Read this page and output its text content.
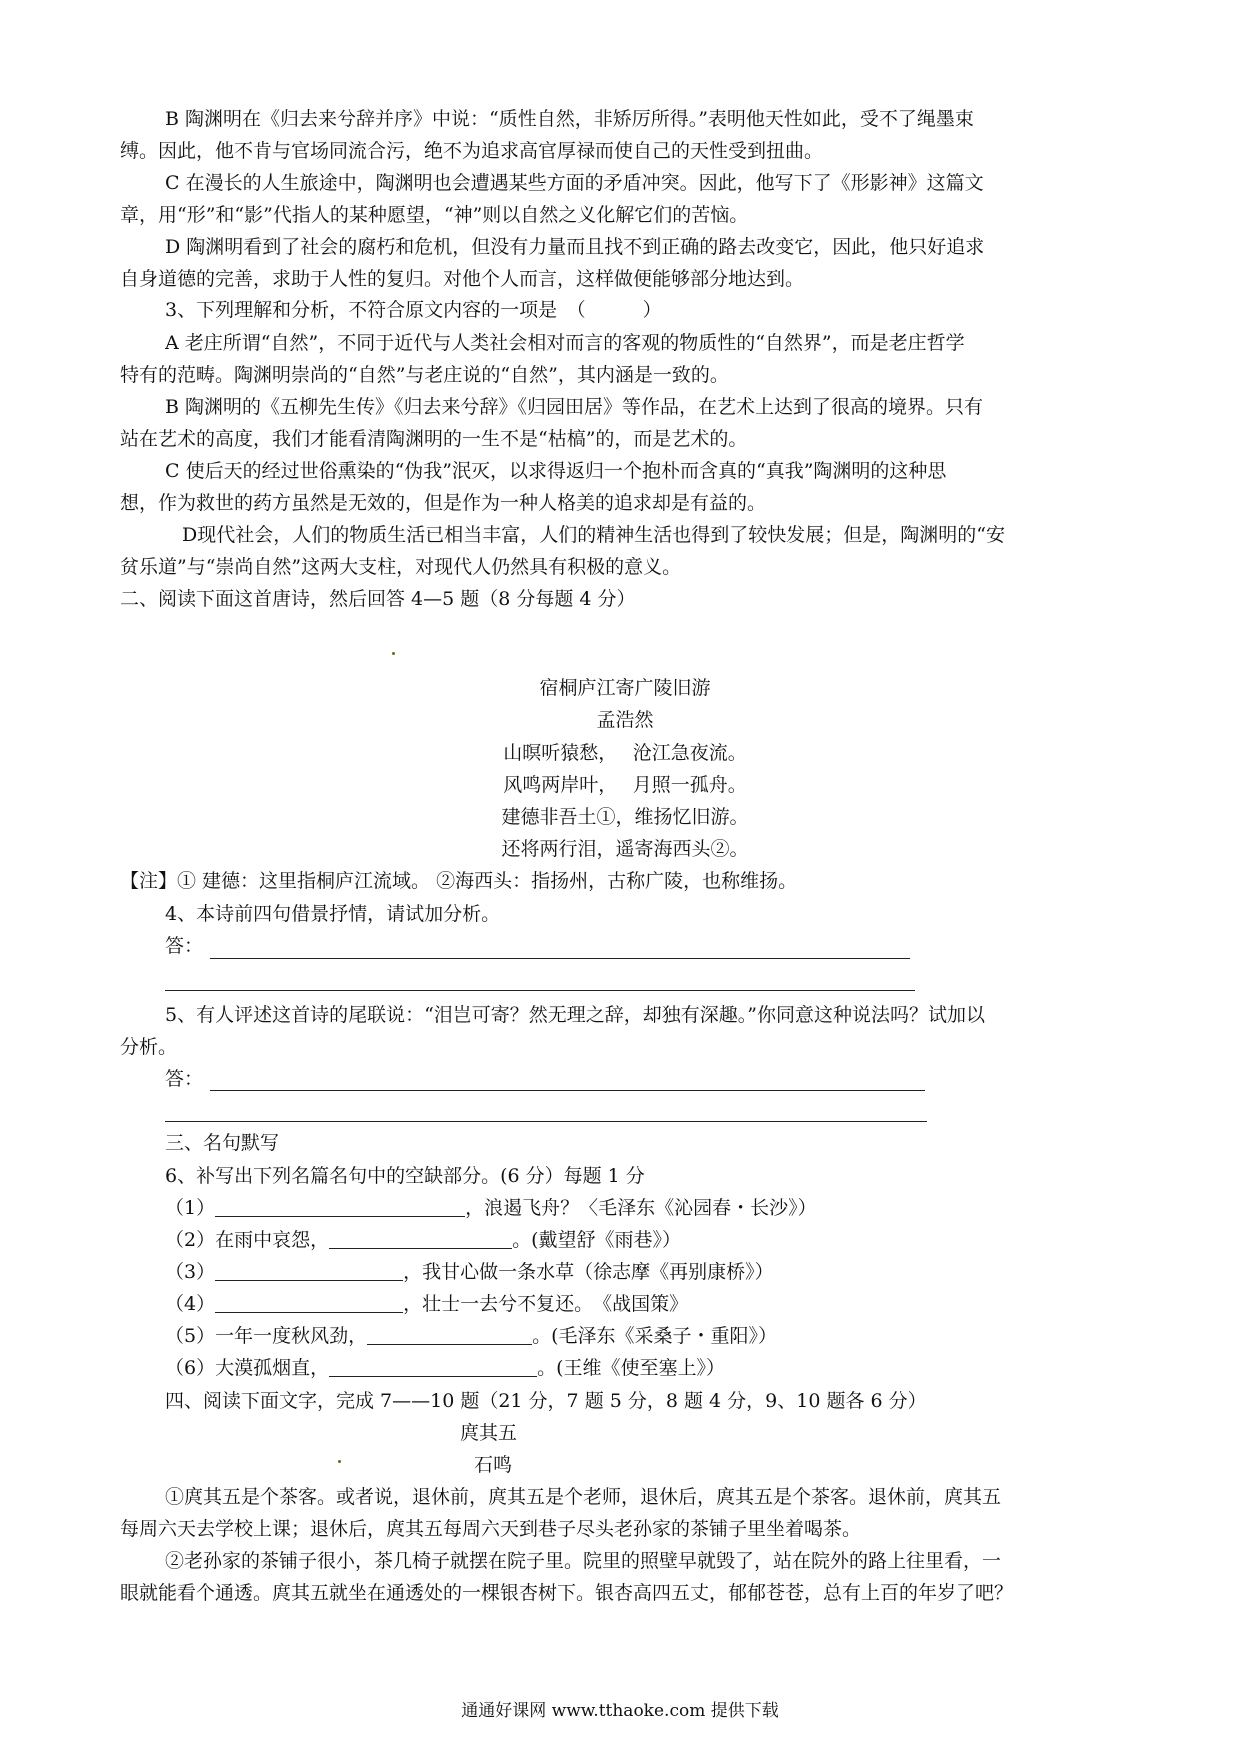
B 陶渊明在《归去来兮辞并序》中说：“质性自然，非矫厉所得。”表明他天性如此，受不了绳墨束
缚。因此，他不肯与官场同流合污，绝不为追求高官厚禄而使自己的天性受到扭曲。
C 在漫长的人生旅途中，陶渊明也会遭遇某些方面的矛盾冲突。因此，他写下了《形影神》这篇文
章，用“形”和“影”代指人的某种愿望，“神”则以自然之义化解它们的苦恼。
D 陶渊明看到了社会的腐朽和危机，但没有力量而且找不到正确的路去改变它，因此，他只好追求
自身道德的完善，求助于人性的复归。对他个人而言，这样做便能够部分地达到。
3、下列理解和分析，不符合原文内容的一项是　（　　　）
A 老庄所谓“自然”，不同于近代与人类社会相对而言的客观的物质性的“自然界”，而是老庄哲学
特有的范畴。陶渊明崇尚的“自然”与老庄说的“自然”，其内涵是一致的。
B 陶渊明的《五柳先生传》《归去来兮辞》《归园田居》等作品，在艺术上达到了很高的境界。只有
站在艺术的高度，我们才能看清陶渊明的一生不是“枯槁”的，而是艺术的。
C 使后天的经过世俗熏染的“伪我”泯灭，以求得返归一个抱朴而含真的“真我”陶渊明的这种思
想，作为救世的药方虽然是无效的，但是作为一种人格美的追求却是有益的。
D现代社会，人们的物质生活已相当丰富，人们的精神生活也得到了较快发展；但是，陶渊明的“安
贫乐道”与“崇尚自然”这两大支柱，对现代人仍然具有积极的意义。
二、阅读下面这首唐诗，然后回答 4—5 题（8 分每题 4 分）
宿桐庐江寄广陵旧游
孟浩然
山暝听猿愁，　 沧江急夜流。
风鸣两岸叶，　 月照一孤舟。
建德非吾土①，维扬忆旧游。
还将两行泪，遥寄海西头②。
【注】① 建德：这里指桐庐江流域。 ②海西头：指扬州，古称广陵，也称维扬。
4、本诗前四句借景抒情，请试加分析。
答：
5、有人评述这首诗的尾联说：“泪岂可寄？然无理之辞，却独有深趣。”你同意这种说法吗？试加以
分析。
答：
三、名句默写
6、补写出下列名篇名句中的空缺部分。(6 分）每题 1 分
（1）	，浪遏飞舟？〈毛泽东《沁园春・长沙》）
（2）在雨中哀怨，	。(戴望舒《雨巷》）
（3）	，我甘心做一条水草（徐志摩《再别康桥》）
（4）	，壮士一去兮不复还。　《战国策》
（5）一年一度秋风劲，	。(毛泽东《采桑子・重阳》）
（6）大漠孤烟直，	。(王维《使至塞上》）
四、阅读下面文字，完成 7——10 题（21 分，7 题 5 分，8 题 4 分，9、10 题各 6 分）
庹其五
石鸣
①庹其五是个茶客。或者说，退休前，庹其五是个老师，退休后，庹其五是个茶客。退休前，庹其五
每周六天去学校上课；退休后，庹其五每周六天到巷子尽头老孙家的茶铺子里坐着喝茶。
②老孙家的茶铺子很小，茶几椅子就摆在院子里。院里的照壁早就毁了，站在院外的路上往里看，一
眼就能看个通透。庹其五就坐在通透处的一棵银杏树下。银杏高四五丈，郁郁苍苍，总有上百的年岁了吧？
通通好课网 www.tthaoke.com 提供下载
